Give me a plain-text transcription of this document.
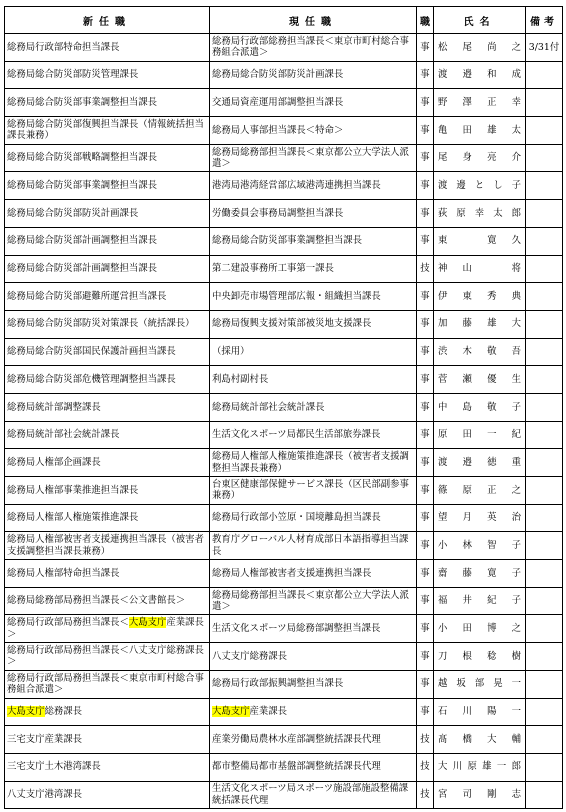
新任職	現任職	職	氏名	備考
総務局行政部特命担当課長	総務局行政部総務担当課長＜東京市町村総合事務組合派遣＞	事	松尾尚之	3/31付
総務局総合防災部防災管理課長	総務局総合防災部防災計画課長	事	渡邉和成	

総務局総合防災部事業調整担当課長	交通局資産運用部調整担当課長	事	野澤正幸	

総務局総合防災部復興担当課長（情報統括担当課長兼務）	総務局人事部担当課長＜特命＞	事	亀田雄太	

総務局総合防災部戦略調整担当課長	総務局総務部担当課長＜東京都公立大学法人派遣＞	事	尾身亮介	

総務局総合防災部事業調整担当課長	港湾局港湾経営部広域港湾連携担当課長	事	渡邊とし子	

総務局総合防災部防災計画課長	労働委員会事務局調整担当課長	事	荻原幸太郎	

総務局総合防災部計画調整担当課長	総務局総合防災部事業調整担当課長	事	東　寛久	

総務局総合防災部計画調整担当課長	第二建設事務所工事第一課長	技	神山　将	

総務局総合防災部避難所運営担当課長	中央卸売市場管理部広報・組織担当課長	事	伊東秀典	

総務局総合防災部防災対策課長（統括課長）	総務局復興支援対策部被災地支援課長	事	加藤雄大	

総務局総合防災部国民保護計画担当課長	（採用）	事	渋木敬吾	

総務局総合防災部危機管理調整担当課長	利島村副村長	事	菅瀬優生	

総務局統計部調整課長	総務局統計部社会統計課長	事	中島敬子	

総務局統計部社会統計課長	生活文化スポーツ局都民生活部旅券課長	事	原田一紀	

総務局人権部企画課長	総務局人権部人権施策推進課長（被害者支援調整担当課長兼務）	事	渡邉徳重	

総務局人権部事業推進担当課長	台東区健康部保健サービス課長（区民部副参事兼務）	事	篠原正之	

総務局人権部人権施策推進課長	総務局行政部小笠原・国境離島担当課長	事	望月英治	

総務局人権部被害者支援連携担当課長（被害者支援調整担当課長兼務）	教育庁グローバル人材育成部日本語指導担当課長	事	小林智子	

総務局人権部特命担当課長	総務局人権部被害者支援連携担当課長	事	齋藤寛子	

総務局総務部局務担当課長＜公文書館長＞	総務局総務部担当課長＜東京都公立大学法人派遣＞	事	福井紀子	

総務局行政部局務担当課長＜大島支庁産業課長＞	生活文化スポーツ局総務部調整担当課長	事	小田博之	

総務局行政部局務担当課長＜八丈支庁総務課長＞	八丈支庁総務課長	事	刀根稔樹	

総務局行政部局務担当課長＜東京市町村総合事務組合派遣＞	総務局行政部振興調整担当課長	事	越坂部晃一	

大島支庁総務課長	大島支庁産業課長	事	石川陽一	

三宅支庁産業課長	産業労働局農林水産部調整統括課長代理	技	髙橋大輔	

三宅支庁土木港湾課長	都市整備局都市基盤部調整統括課長代理	技	大川原雄一郎	

八丈支庁港湾課長	生活文化スポーツ局スポーツ施設部施設整備課統括課長代理	技	宮司剛志	
